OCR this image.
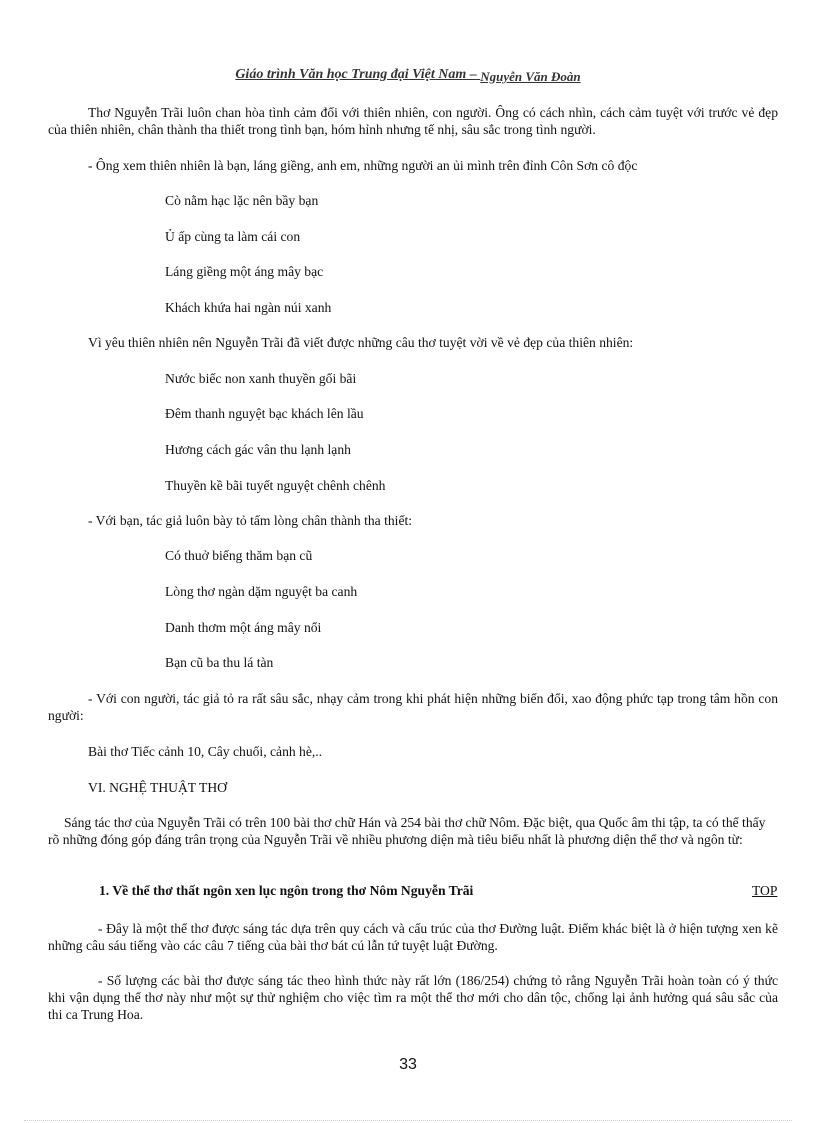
Giáo trình Văn học Trung đại Việt Nam – Nguyễn Văn Đoàn

Thơ Nguyễn Trãi luôn chan hòa tình cảm đối với thiên nhiên, con người. Ông có cách nhìn, cách cảm tuyệt với trước vẻ đẹp của thiên nhiên, chân thành tha thiết trong tình bạn, hóm hỉnh nhưng tế nhị, sâu sắc trong tình người.

- Ông xem thiên nhiên là bạn, láng giềng, anh em, những người an ủi mình trên đỉnh Côn Sơn cô độc

Cò nằm hạc lặc nên bầy bạn

Ủ ấp cùng ta làm cái con

Láng giềng một áng mây bạc

Khách khứa hai ngàn núi xanh

Vì yêu thiên nhiên nên Nguyễn Trãi đã viết được những câu thơ tuyệt vời về vẻ đẹp của thiên nhiên:

Nước biếc non xanh thuyền gối bãi

Đêm thanh nguyệt bạc khách lên lầu

Hương cách gác vân thu lạnh lạnh

Thuyền kề bãi tuyết nguyệt chênh chênh

- Với bạn, tác giả luôn bày tỏ tấm lòng chân thành tha thiết:

Có thuở biếng thăm bạn cũ

Lòng thơ ngàn dặm nguyệt ba canh

Danh thơm một áng mây nổi

Bạn cũ ba thu lá tàn

- Với con người, tác giả tỏ ra rất sâu sắc, nhạy cảm trong khi phát hiện những biến đổi, xao động phức tạp trong tâm hồn con người:

Bài thơ Tiếc cảnh 10, Cây chuối, cảnh hè,..

VI. NGHỆ THUẬT THƠ

Sáng tác thơ của Nguyễn Trãi có trên 100 bài thơ chữ Hán và 254 bài thơ chữ Nôm. Đặc biệt, qua Quốc âm thi tập, ta có thể thấy rõ những đóng góp đáng trân trọng của Nguyễn Trãi về nhiều phương diện mà tiêu biểu nhất là phương diện thể thơ và ngôn từ:

1. Về thể thơ thất ngôn xen lục ngôn trong thơ Nôm Nguyễn Trãi	TOP

- Đây là một thể thơ được sáng tác dựa trên quy cách và cấu trúc của thơ Đường luật. Điểm khác biệt là ở hiện tượng xen kẽ những câu sáu tiếng vào các câu 7 tiếng của bài thơ bát cú lẫn tứ tuyệt luật Đường.

- Số lượng các bài thơ được sáng tác theo hình thức này rất lớn (186/254) chứng tỏ rằng Nguyễn Trãi hoàn toàn có ý thức khi vận dụng thể thơ này như một sự thử nghiệm cho việc tìm ra một thể thơ mới cho dân tộc, chống lại ảnh hưởng quá sâu sắc của thi ca Trung Hoa.

33
